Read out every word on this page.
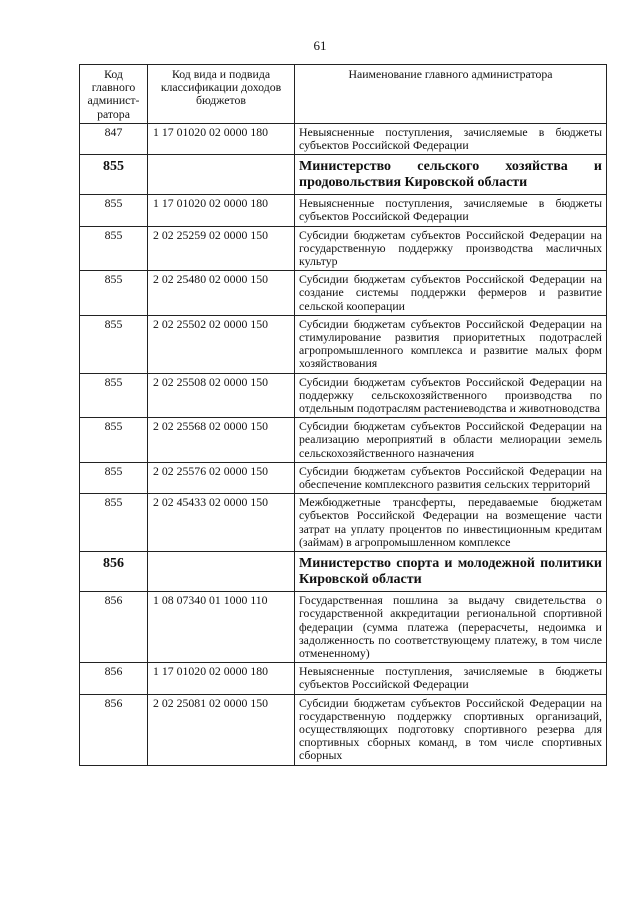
61
Код главного админист-ратора	Код вида и подвида классификации доходов бюджетов	Наименование главного администратора
847	1 17 01020 02 0000 180	Невыясненные поступления, зачисляемые в бюджеты субъектов Российской Федерации
855		Министерство сельского хозяйства и продовольствия Кировской области
855	1 17 01020 02 0000 180	Невыясненные поступления, зачисляемые в бюджеты субъектов Российской Федерации
855	2 02 25259 02 0000 150	Субсидии бюджетам субъектов Российской Федерации на государственную поддержку производства масличных культур
855	2 02 25480 02 0000 150	Субсидии бюджетам субъектов Российской Федерации на создание системы поддержки фермеров и развитие сельской кооперации
855	2 02 25502 02 0000 150	Субсидии бюджетам субъектов Российской Федерации на стимулирование развития приоритетных подотраслей агропромышленного комплекса и развитие малых форм хозяйствования
855	2 02 25508 02 0000 150	Субсидии бюджетам субъектов Российской Федерации на поддержку сельскохозяйственного производства по отдельным подотраслям растениеводства и животноводства
855	2 02 25568 02 0000 150	Субсидии бюджетам субъектов Российской Федерации на реализацию мероприятий в области мелиорации земель сельскохозяйственного назначения
855	2 02 25576 02 0000 150	Субсидии бюджетам субъектов Российской Федерации на обеспечение комплексного развития сельских территорий
855	2 02 45433 02 0000 150	Межбюджетные трансферты, передаваемые бюджетам субъектов Российской Федерации на возмещение части затрат на уплату процентов по инвестиционным кредитам (займам) в агропромышленном комплексе
856		Министерство спорта и молодежной политики Кировской области
856	1 08 07340 01 1000 110	Государственная пошлина за выдачу свидетельства о государственной аккредитации региональной спортивной федерации (сумма платежа (перерасчеты, недоимка и задолженность по соответствующему платежу, в том числе отмененному)
856	1 17 01020 02 0000 180	Невыясненные поступления, зачисляемые в бюджеты субъектов Российской Федерации
856	2 02 25081 02 0000 150	Субсидии бюджетам субъектов Российской Федерации на государственную поддержку спортивных организаций, осуществляющих подготовку спортивного резерва для спортивных сборных команд, в том числе спортивных сборных
